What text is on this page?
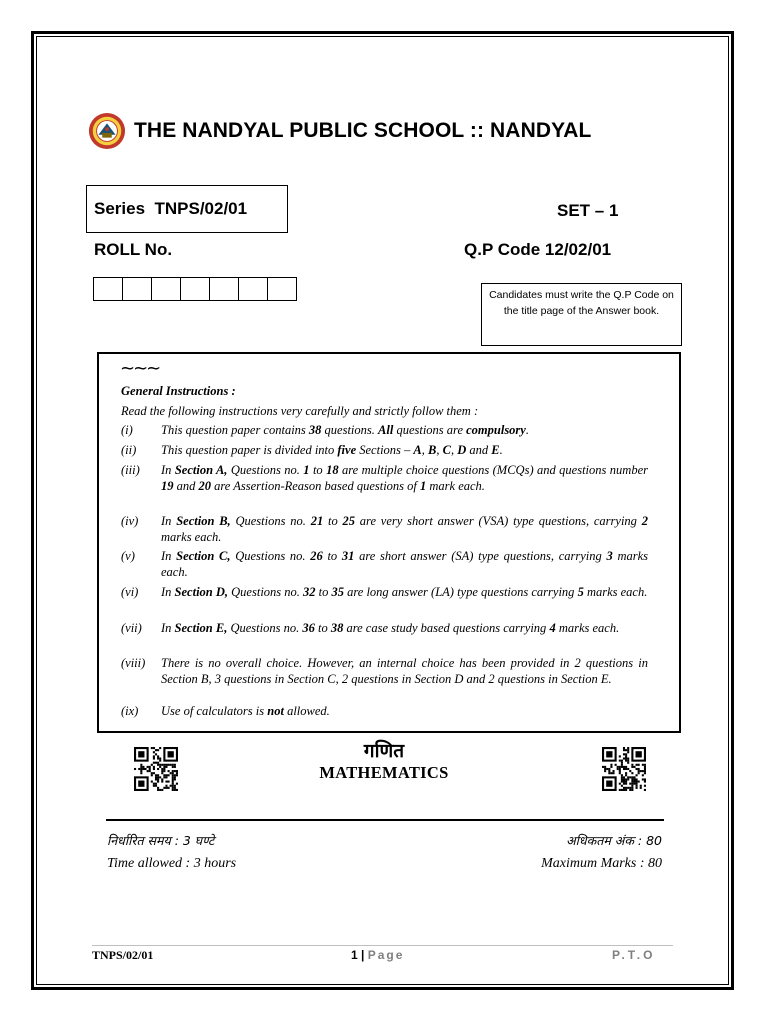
THE NANDYAL PUBLIC SCHOOL :: NANDYAL
Series  TNPS/02/01	SET – 1
ROLL No.	Q.P Code 12/02/01
Candidates must write the Q.P Code on the title page of the Answer book.
~~~
General Instructions :
Read the following instructions very carefully and strictly follow them :
(i)	This question paper contains 38 questions. All questions are compulsory.
(ii)	This question paper is divided into five Sections – A, B, C, D and E.
(iii)	In Section A, Questions no. 1 to 18 are multiple choice questions (MCQs) and questions number 19 and 20 are Assertion-Reason based questions of 1 mark each.
(iv)	In Section B, Questions no. 21 to 25 are very short answer (VSA) type questions, carrying 2 marks each.
(v)	In Section C, Questions no. 26 to 31 are short answer (SA) type questions, carrying 3 marks each.
(vi)	In Section D, Questions no. 32 to 35 are long answer (LA) type questions carrying 5 marks each.
(vii)	In Section E, Questions no. 36 to 38 are case study based questions carrying 4 marks each.
(viii)	There is no overall choice. However, an internal choice has been provided in 2 questions in Section B, 3 questions in Section C, 2 questions in Section D and 2 questions in Section E.
(ix)	Use of calculators is not allowed.
गणित
MATHEMATICS
निर्धारित समय : 3 घण्टे	अधिकतम अंक : 80
Time allowed : 3 hours	Maximum Marks : 80
TNPS/02/01	1 | Page	P.T.O
